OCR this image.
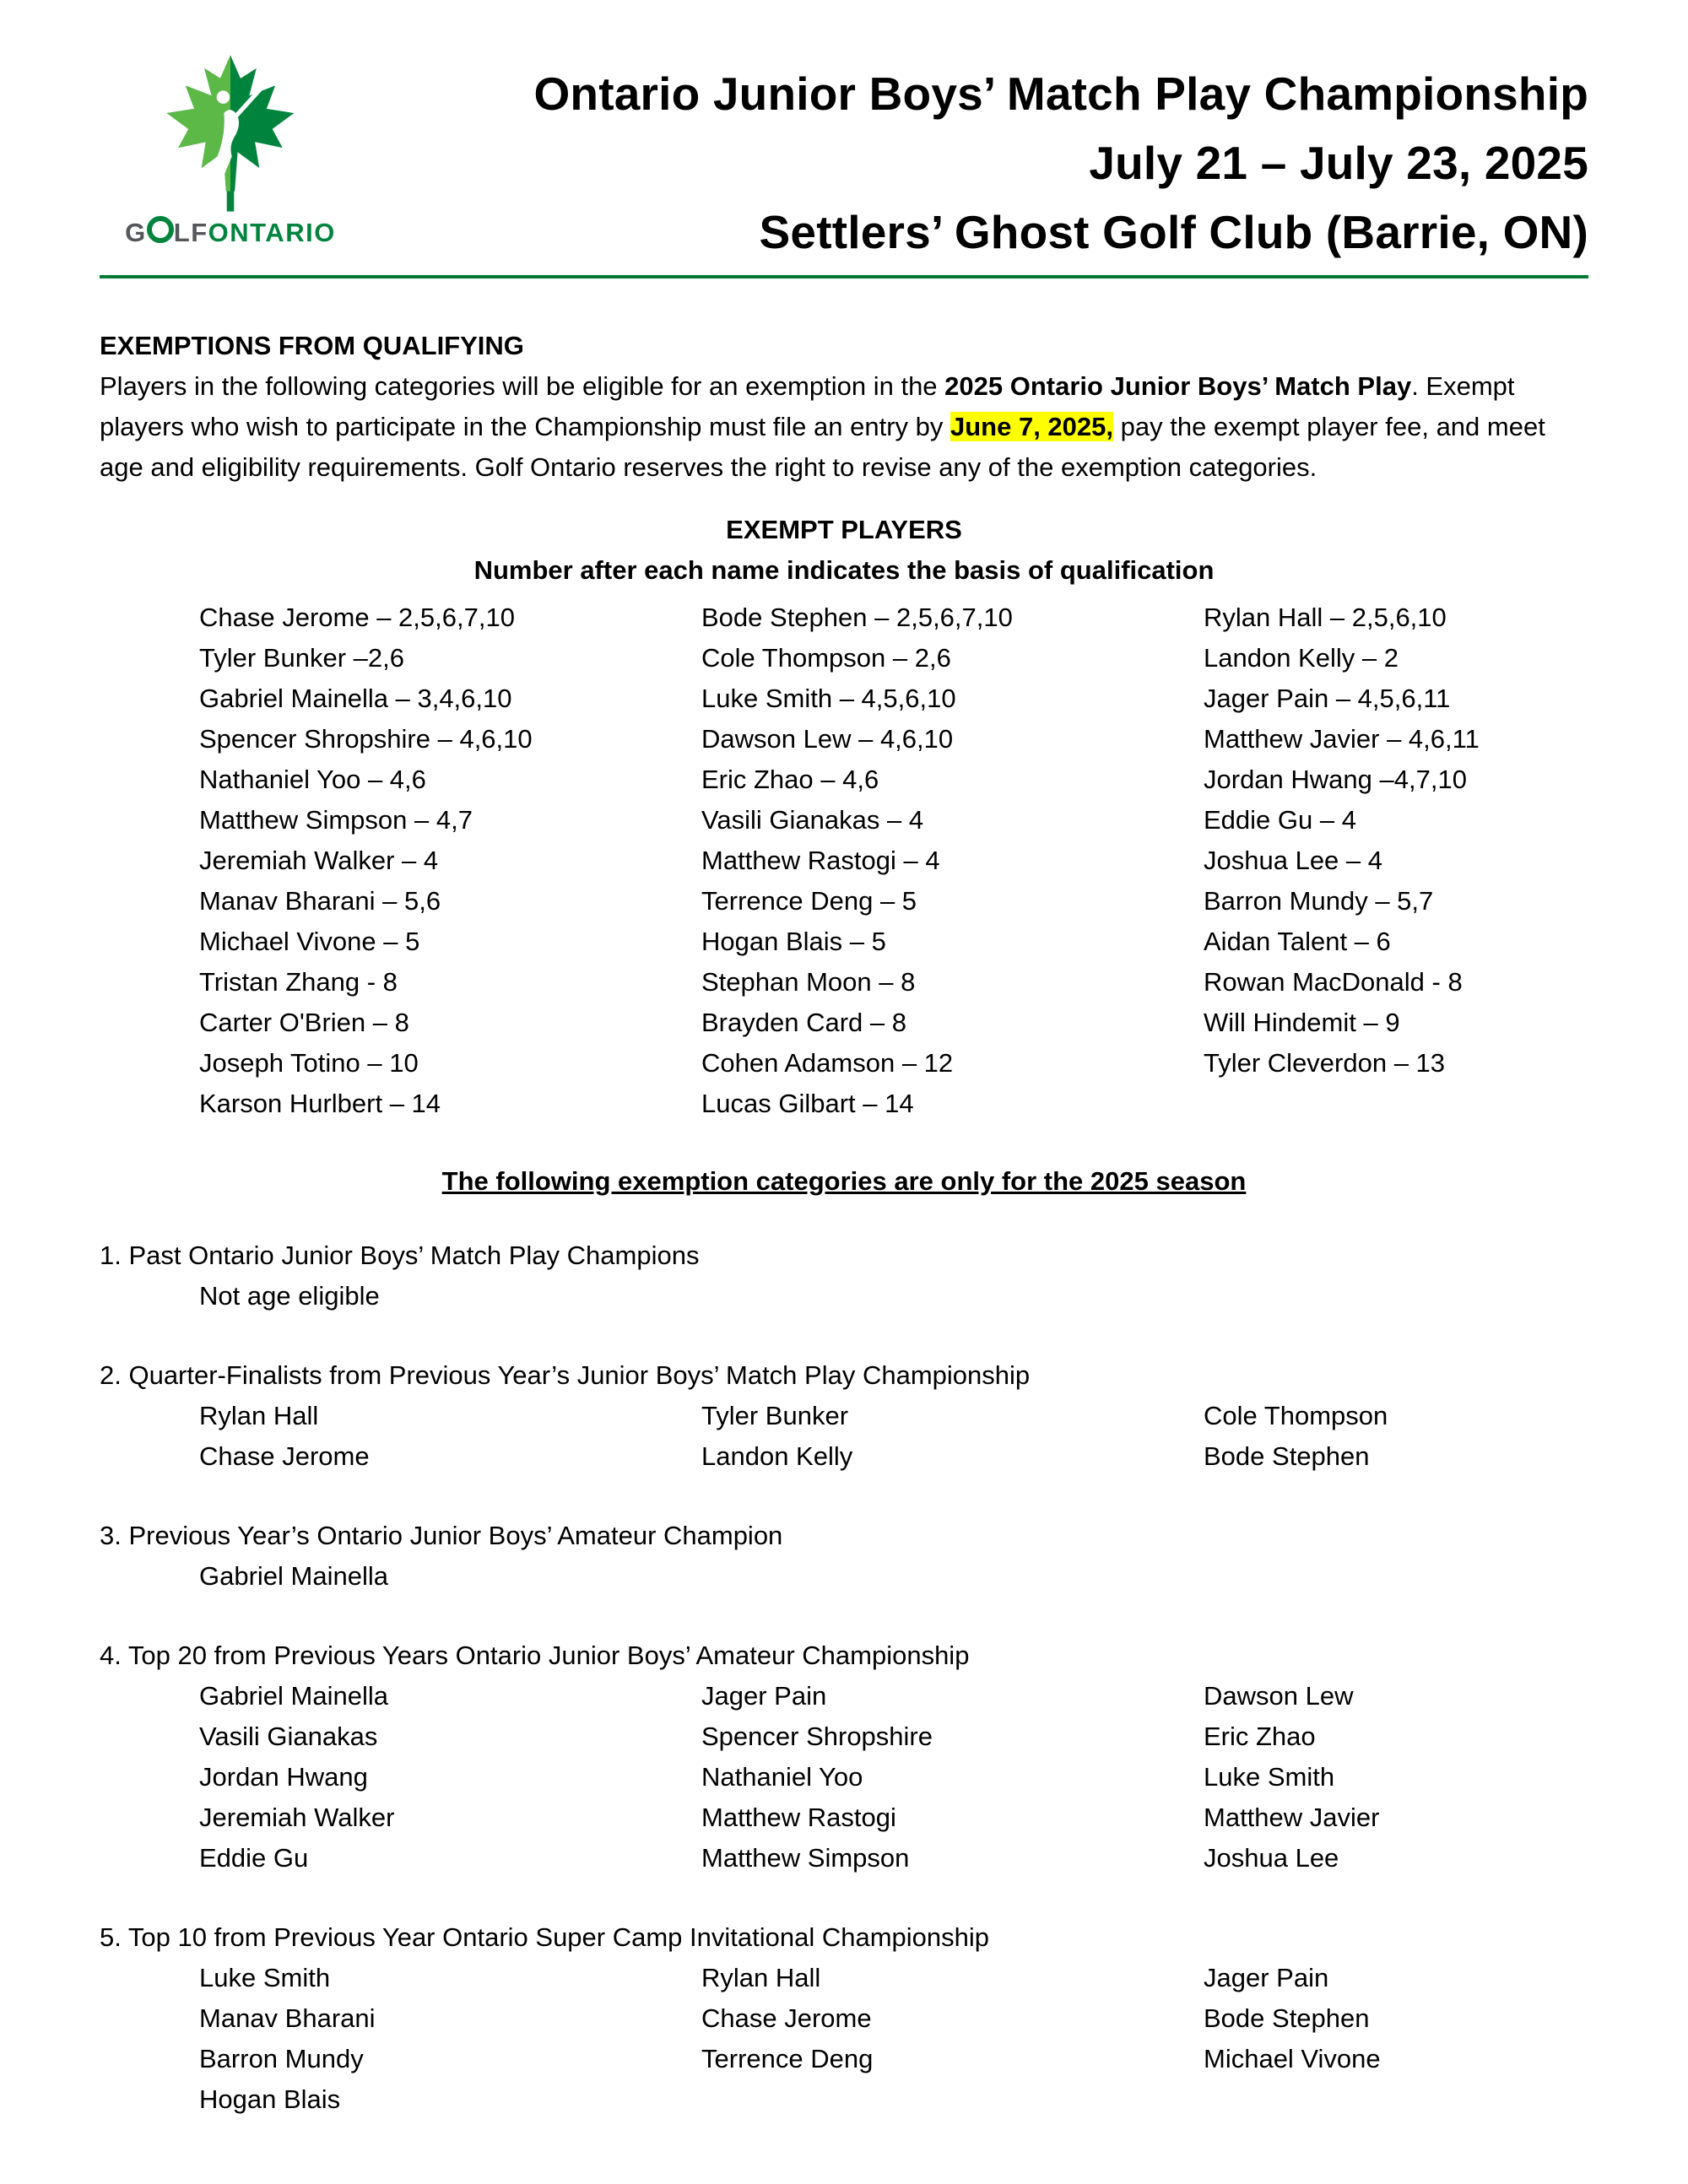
G LFONTARIO
Ontario Junior Boys’ Match Play Championship
July 21 – July 23, 2025
Settlers’ Ghost Golf Club (Barrie, ON)
EXEMPTIONS FROM QUALIFYING
Players in the following categories will be eligible for an exemption in the 2025 Ontario Junior Boys’ Match Play. Exempt players who wish to participate in the Championship must file an entry by June 7, 2025, pay the exempt player fee, and meet age and eligibility requirements. Golf Ontario reserves the right to revise any of the exemption categories.
EXEMPT PLAYERS
Number after each name indicates the basis of qualification
Chase Jerome – 2,5,6,7,10
Tyler Bunker –2,6
Gabriel Mainella – 3,4,6,10
Spencer Shropshire – 4,6,10
Nathaniel Yoo – 4,6
Matthew Simpson – 4,7
Jeremiah Walker – 4
Manav Bharani – 5,6
Michael Vivone – 5
Tristan Zhang - 8
Carter O'Brien – 8
Joseph Totino – 10
Karson Hurlbert – 14
Bode Stephen – 2,5,6,7,10
Cole Thompson – 2,6
Luke Smith – 4,5,6,10
Dawson Lew – 4,6,10
Eric Zhao – 4,6
Vasili Gianakas – 4
Matthew Rastogi – 4
Terrence Deng – 5
Hogan Blais – 5
Stephan Moon – 8
Brayden Card – 8
Cohen Adamson – 12
Lucas Gilbart – 14
Rylan Hall – 2,5,6,10
Landon Kelly – 2
Jager Pain – 4,5,6,11
Matthew Javier – 4,6,11
Jordan Hwang –4,7,10
Eddie Gu – 4
Joshua Lee – 4
Barron Mundy – 5,7
Aidan Talent – 6
Rowan MacDonald - 8
Will Hindemit – 9
Tyler Cleverdon – 13
The following exemption categories are only for the 2025 season
1. Past Ontario Junior Boys’ Match Play Champions
Not age eligible
2. Quarter-Finalists from Previous Year’s Junior Boys’ Match Play Championship
Rylan Hall
Chase Jerome
Tyler Bunker
Landon Kelly
Cole Thompson
Bode Stephen
3. Previous Year’s Ontario Junior Boys’ Amateur Champion
Gabriel Mainella
4. Top 20 from Previous Years Ontario Junior Boys’ Amateur Championship
Gabriel Mainella
Vasili Gianakas
Jordan Hwang
Jeremiah Walker
Eddie Gu
Jager Pain
Spencer Shropshire
Nathaniel Yoo
Matthew Rastogi
Matthew Simpson
Dawson Lew
Eric Zhao
Luke Smith
Matthew Javier
Joshua Lee
5. Top 10 from Previous Year Ontario Super Camp Invitational Championship
Luke Smith
Manav Bharani
Barron Mundy
Hogan Blais
Rylan Hall
Chase Jerome
Terrence Deng
Jager Pain
Bode Stephen
Michael Vivone
